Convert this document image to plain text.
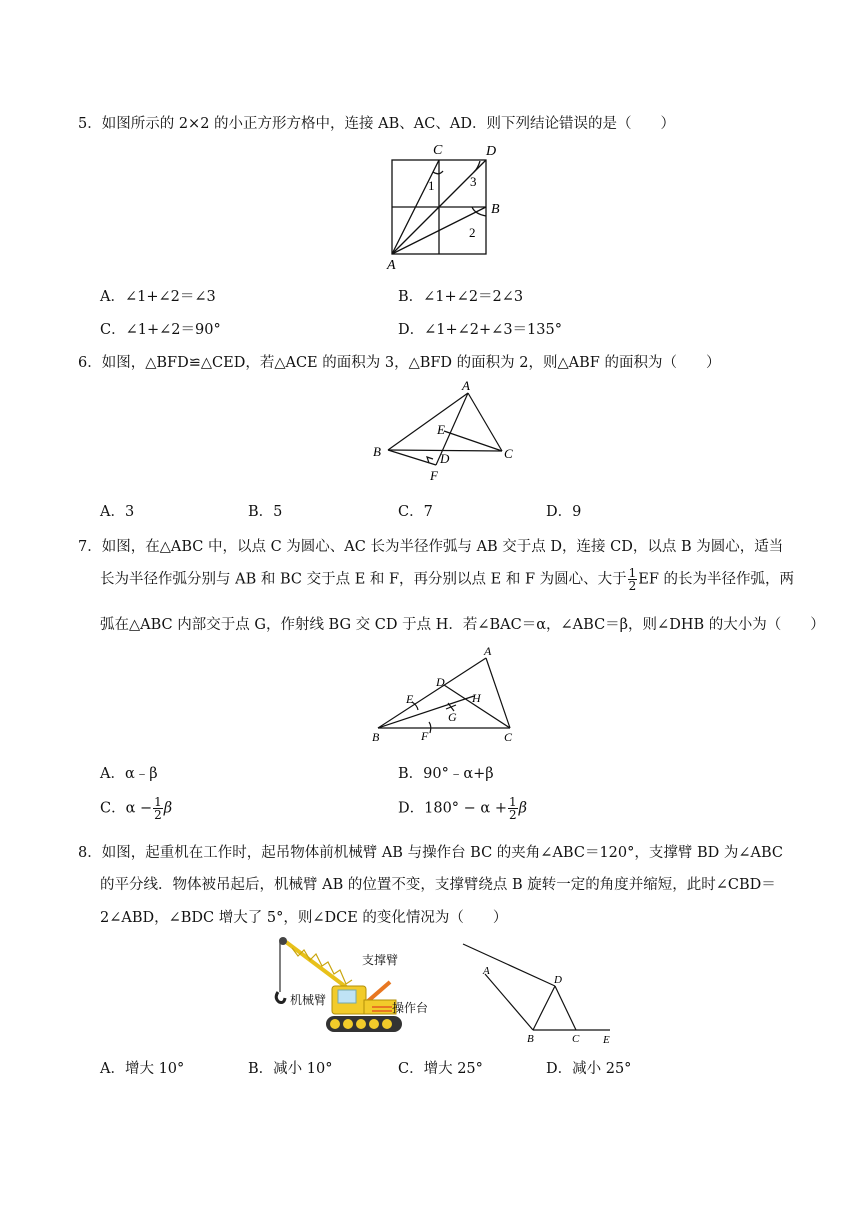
5．如图所示的 2×2 的小正方形方格中，连接 AB、AC、AD．则下列结论错误的是（　　）
C	D
B
A
1	3
2
A．∠1+∠2＝∠3	B．∠1+∠2＝2∠3
C．∠1+∠2＝90°	D．∠1+∠2+∠3＝135°
6．如图，△BFD≌△CED，若△ACE 的面积为 3，△BFD 的面积为 2，则△ABF 的面积为（　　）
A
B	C
E
D
F
A．3	B．5	C．7	D．9
7．如图，在△ABC 中，以点 C 为圆心、AC 长为半径作弧与 AB 交于点 D，连接 CD，以点 B 为圆心，适当
长为半径作弧分别与 AB 和 BC 交于点 E 和 F，再分别以点 E 和 F 为圆心、大于 $\frac{1}{2}$ EF 的长为半径作弧，两
弧在△ABC 内部交于点 G，作射线 BG 交 CD 于点 H．若∠BAC＝α，∠ABC＝β，则∠DHB 的大小为（　　）
A
D
E	H
G
B	F	C
A．α﹣β	B．90°﹣α+β
C．$\alpha - \frac{1}{2}$ β	D．$180^\circ - \alpha + \frac{1}{2}$ β
8．如图，起重机在工作时，起吊物体前机械臂 AB 与操作台 BC 的夹角∠ABC＝120°，支撑臂 BD 为∠ABC
的平分线．物体被吊起后，机械臂 AB 的位置不变，支撑臂绕点 B 旋转一定的角度并缩短，此时∠CBD＝
2∠ABD，∠BDC 增大了 5°，则∠DCE 的变化情况为（　　）
支撑臂
机械臂
操作台
A
D
B	C E
A．增大 10°	B．减小 10°	C．增大 25°	D．减小 25°
